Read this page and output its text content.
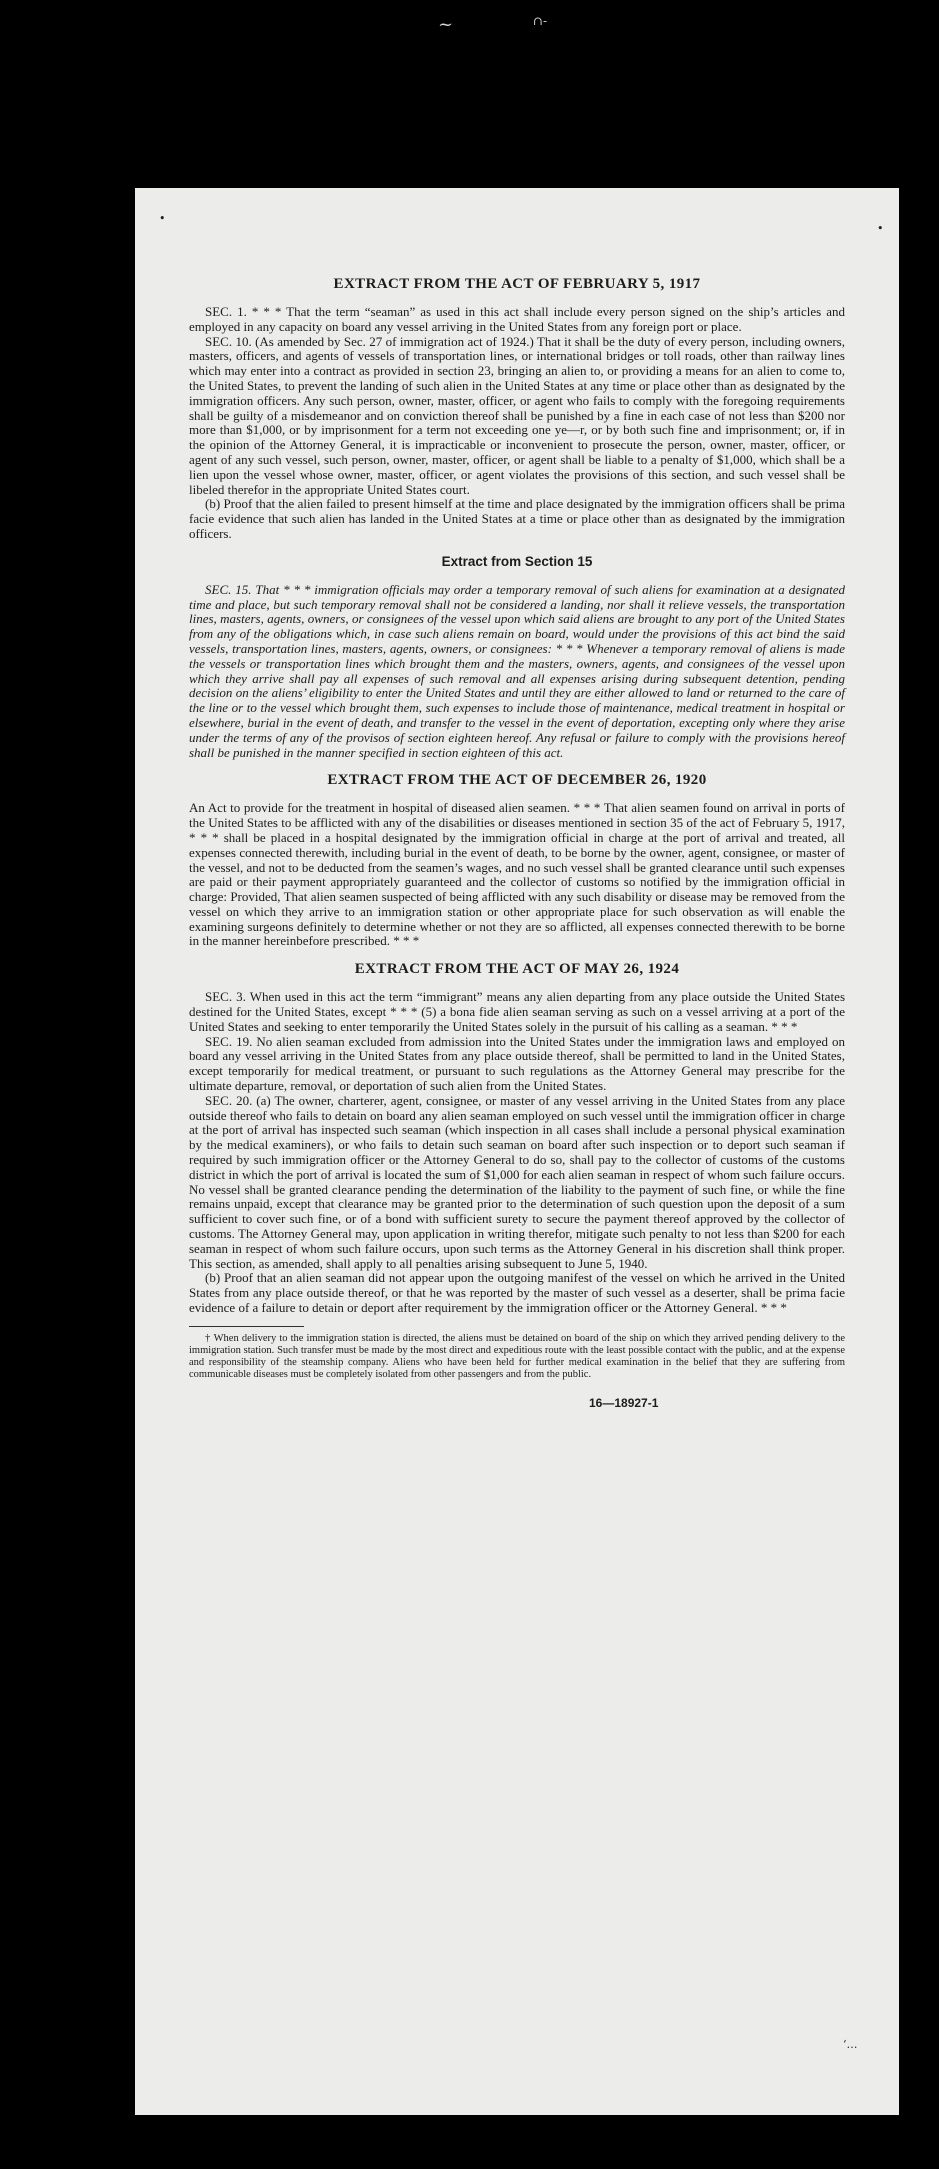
~	∩-
•
•
‘…
EXTRACT FROM THE ACT OF FEBRUARY 5, 1917

SEC. 1. * * * That the term “seaman” as used in this act shall include every person signed on the ship’s articles and employed in any capacity on board any vessel arriving in the United States from any foreign port or place.

SEC. 10. (As amended by Sec. 27 of immigration act of 1924.) That it shall be the duty of every person, including owners, masters, officers, and agents of vessels of transportation lines, or international bridges or toll roads, other than railway lines which may enter into a contract as provided in section 23, bringing an alien to, or providing a means for an alien to come to, the United States, to prevent the landing of such alien in the United States at any time or place other than as designated by the immigration officers. Any such person, owner, master, officer, or agent who fails to comply with the foregoing requirements shall be guilty of a misdemeanor and on conviction thereof shall be punished by a fine in each case of not less than $200 nor more than $1,000, or by imprisonment for a term not exceeding one ye—r, or by both such fine and imprisonment; or, if in the opinion of the Attorney General, it is impracticable or inconvenient to prosecute the person, owner, master, officer, or agent of any such vessel, such person, owner, master, officer, or agent shall be liable to a penalty of $1,000, which shall be a lien upon the vessel whose owner, master, officer, or agent violates the provisions of this section, and such vessel shall be libeled therefor in the appropriate United States court.

(b) Proof that the alien failed to present himself at the time and place designated by the immigration officers shall be prima facie evidence that such alien has landed in the United States at a time or place other than as designated by the immigration officers.

Extract from Section 15

SEC. 15. That * * * immigration officials may order a temporary removal of such aliens for examination at a designated time and place, but such temporary removal shall not be considered a landing, nor shall it relieve vessels, the transportation lines, masters, agents, owners, or consignees of the vessel upon which said aliens are brought to any port of the United States from any of the obligations which, in case such aliens remain on board, would under the provisions of this act bind the said vessels, transportation lines, masters, agents, owners, or consignees: * * * Whenever a temporary removal of aliens is made the vessels or transportation lines which brought them and the masters, owners, agents, and consignees of the vessel upon which they arrive shall pay all expenses of such removal and all expenses arising during subsequent detention, pending decision on the aliens’ eligibility to enter the United States and until they are either allowed to land or returned to the care of the line or to the vessel which brought them, such expenses to include those of maintenance, medical treatment in hospital or elsewhere, burial in the event of death, and transfer to the vessel in the event of deportation, excepting only where they arise under the terms of any of the provisos of section eighteen hereof. Any refusal or failure to comply with the provisions hereof shall be punished in the manner specified in section eighteen of this act.

EXTRACT FROM THE ACT OF DECEMBER 26, 1920

An Act to provide for the treatment in hospital of diseased alien seamen. * * * That alien seamen found on arrival in ports of the United States to be afflicted with any of the disabilities or diseases mentioned in section 35 of the act of February 5, 1917, * * * shall be placed in a hospital designated by the immigration official in charge at the port of arrival and treated, all expenses connected therewith, including burial in the event of death, to be borne by the owner, agent, consignee, or master of the vessel, and not to be deducted from the seamen’s wages, and no such vessel shall be granted clearance until such expenses are paid or their payment appropriately guaranteed and the collector of customs so notified by the immigration official in charge: Provided, That alien seamen suspected of being afflicted with any such disability or disease may be removed from the vessel on which they arrive to an immigration station or other appropriate place for such observation as will enable the examining surgeons definitely to determine whether or not they are so afflicted, all expenses connected therewith to be borne in the manner hereinbefore prescribed. * * *

EXTRACT FROM THE ACT OF MAY 26, 1924

SEC. 3. When used in this act the term “immigrant” means any alien departing from any place outside the United States destined for the United States, except * * * (5) a bona fide alien seaman serving as such on a vessel arriving at a port of the United States and seeking to enter temporarily the United States solely in the pursuit of his calling as a seaman. * * *

SEC. 19. No alien seaman excluded from admission into the United States under the immigration laws and employed on board any vessel arriving in the United States from any place outside thereof, shall be permitted to land in the United States, except temporarily for medical treatment, or pursuant to such regulations as the Attorney General may prescribe for the ultimate departure, removal, or deportation of such alien from the United States.

SEC. 20. (a) The owner, charterer, agent, consignee, or master of any vessel arriving in the United States from any place outside thereof who fails to detain on board any alien seaman employed on such vessel until the immigration officer in charge at the port of arrival has inspected such seaman (which inspection in all cases shall include a personal physical examination by the medical examiners), or who fails to detain such seaman on board after such inspection or to deport such seaman if required by such immigration officer or the Attorney General to do so, shall pay to the collector of customs of the customs district in which the port of arrival is located the sum of $1,000 for each alien seaman in respect of whom such failure occurs. No vessel shall be granted clearance pending the determination of the liability to the payment of such fine, or while the fine remains unpaid, except that clearance may be granted prior to the determination of such question upon the deposit of a sum sufficient to cover such fine, or of a bond with sufficient surety to secure the payment thereof approved by the collector of customs. The Attorney General may, upon application in writing therefor, mitigate such penalty to not less than $200 for each seaman in respect of whom such failure occurs, upon such terms as the Attorney General in his discretion shall think proper. This section, as amended, shall apply to all penalties arising subsequent to June 5, 1940.

(b) Proof that an alien seaman did not appear upon the outgoing manifest of the vessel on which he arrived in the United States from any place outside thereof, or that he was reported by the master of such vessel as a deserter, shall be prima facie evidence of a failure to detain or deport after requirement by the immigration officer or the Attorney General. * * *

† When delivery to the immigration station is directed, the aliens must be detained on board of the ship on which they arrived pending delivery to the immigration station. Such transfer must be made by the most direct and expeditious route with the least possible contact with the public, and at the expense and responsibility of the steamship company. Aliens who have been held for further medical examination in the belief that they are suffering from communicable diseases must be completely isolated from other passengers and from the public.

16—18927-1
